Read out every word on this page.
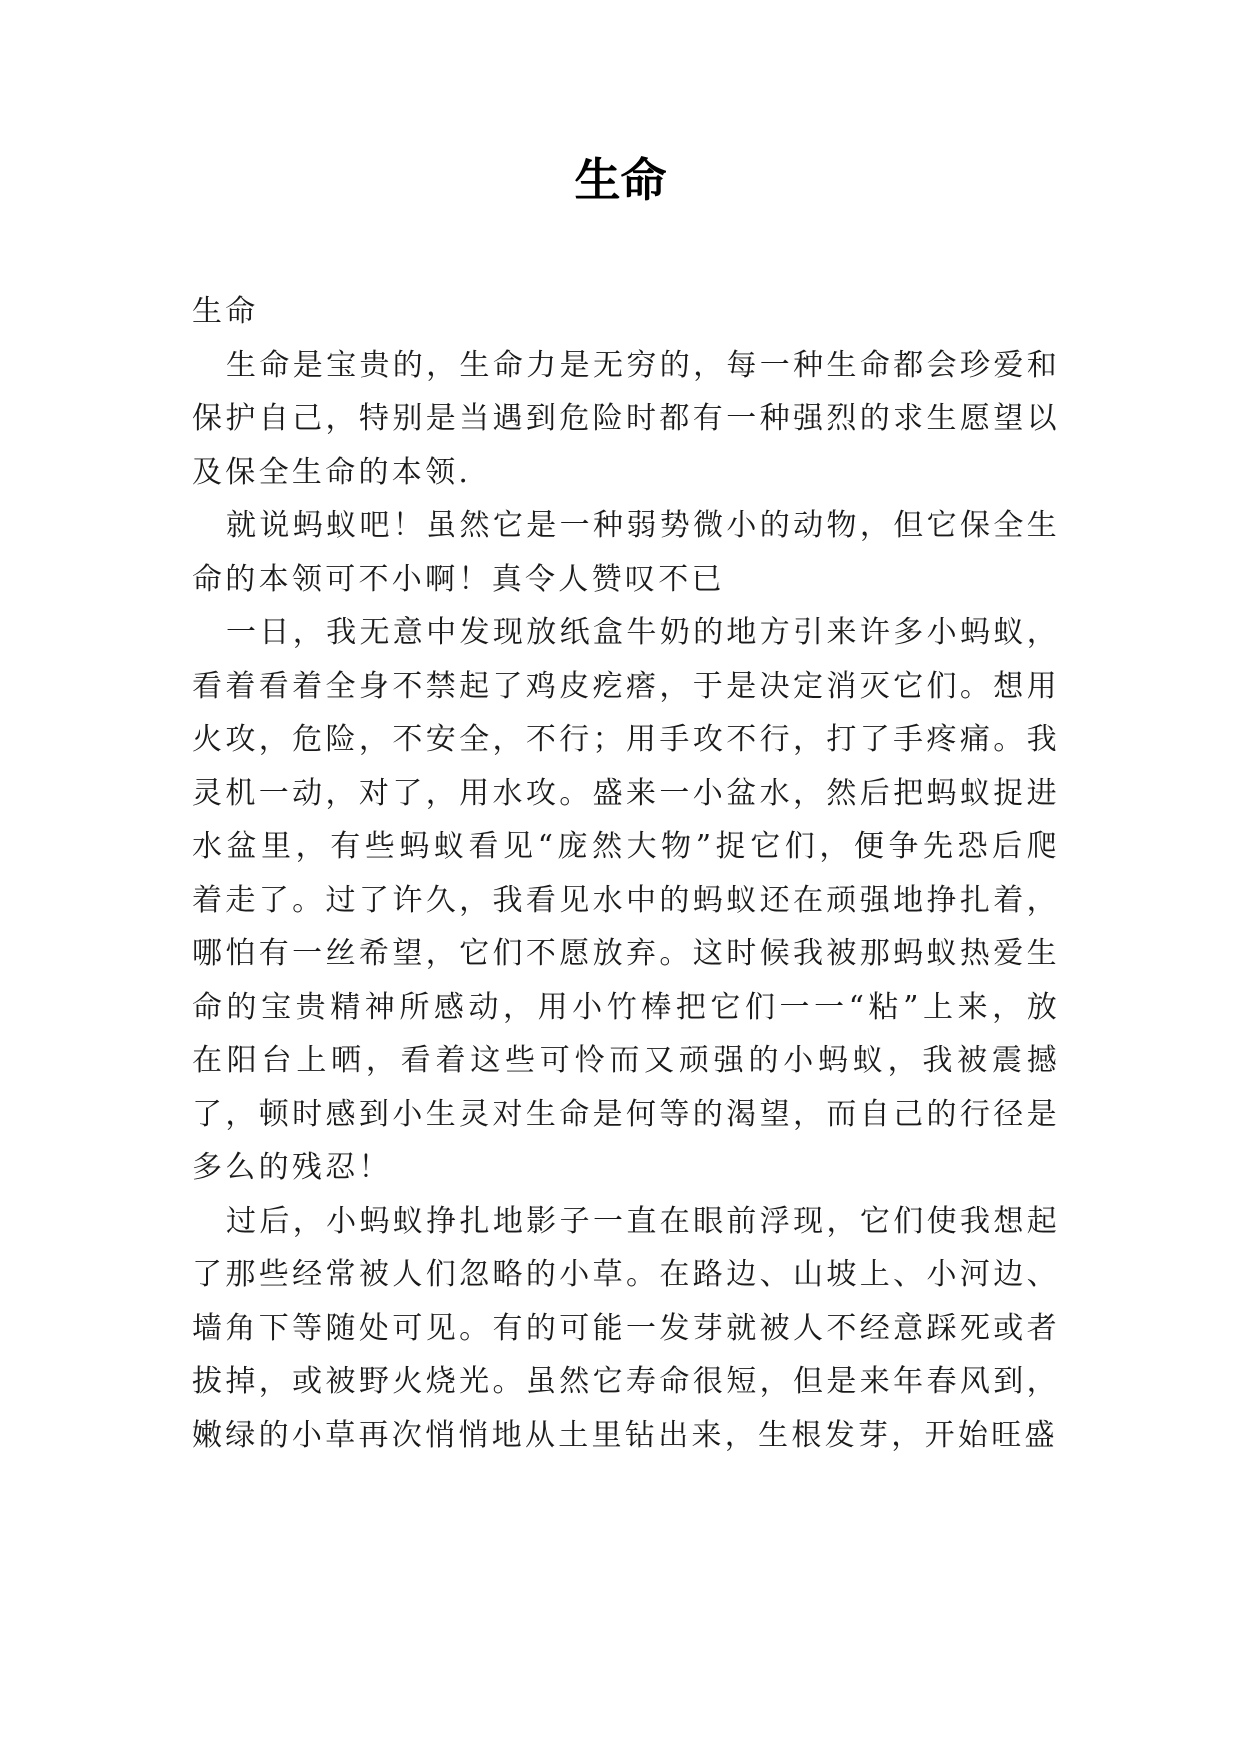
生命

生命

生命是宝贵的，生命力是无穷的，每一种生命都会珍爱和保护自己，特别是当遇到危险时都有一种强烈的求生愿望以及保全生命的本领.

就说蚂蚁吧！虽然它是一种弱势微小的动物，但它保全生命的本领可不小啊！真令人赞叹不已

一日，我无意中发现放纸盒牛奶的地方引来许多小蚂蚁，看着看着全身不禁起了鸡皮疙瘩，于是决定消灭它们。想用火攻，危险，不安全，不行；用手攻不行，打了手疼痛。我灵机一动，对了，用水攻。盛来一小盆水，然后把蚂蚁捉进水盆里，有些蚂蚁看见“庞然大物”捉它们，便争先恐后爬着走了。过了许久，我看见水中的蚂蚁还在顽强地挣扎着，哪怕有一丝希望，它们不愿放弃。这时候我被那蚂蚁热爱生命的宝贵精神所感动，用小竹棒把它们一一“粘”上来，放在阳台上晒，看着这些可怜而又顽强的小蚂蚁，我被震撼了，顿时感到小生灵对生命是何等的渴望，而自己的行径是多么的残忍！

过后，小蚂蚁挣扎地影子一直在眼前浮现，它们使我想起了那些经常被人们忽略的小草。在路边、山坡上、小河边、墙角下等随处可见。有的可能一发芽就被人不经意踩死或者拔掉，或被野火烧光。虽然它寿命很短，但是来年春风到，嫩绿的小草再次悄悄地从土里钻出来，生根发芽，开始旺盛
